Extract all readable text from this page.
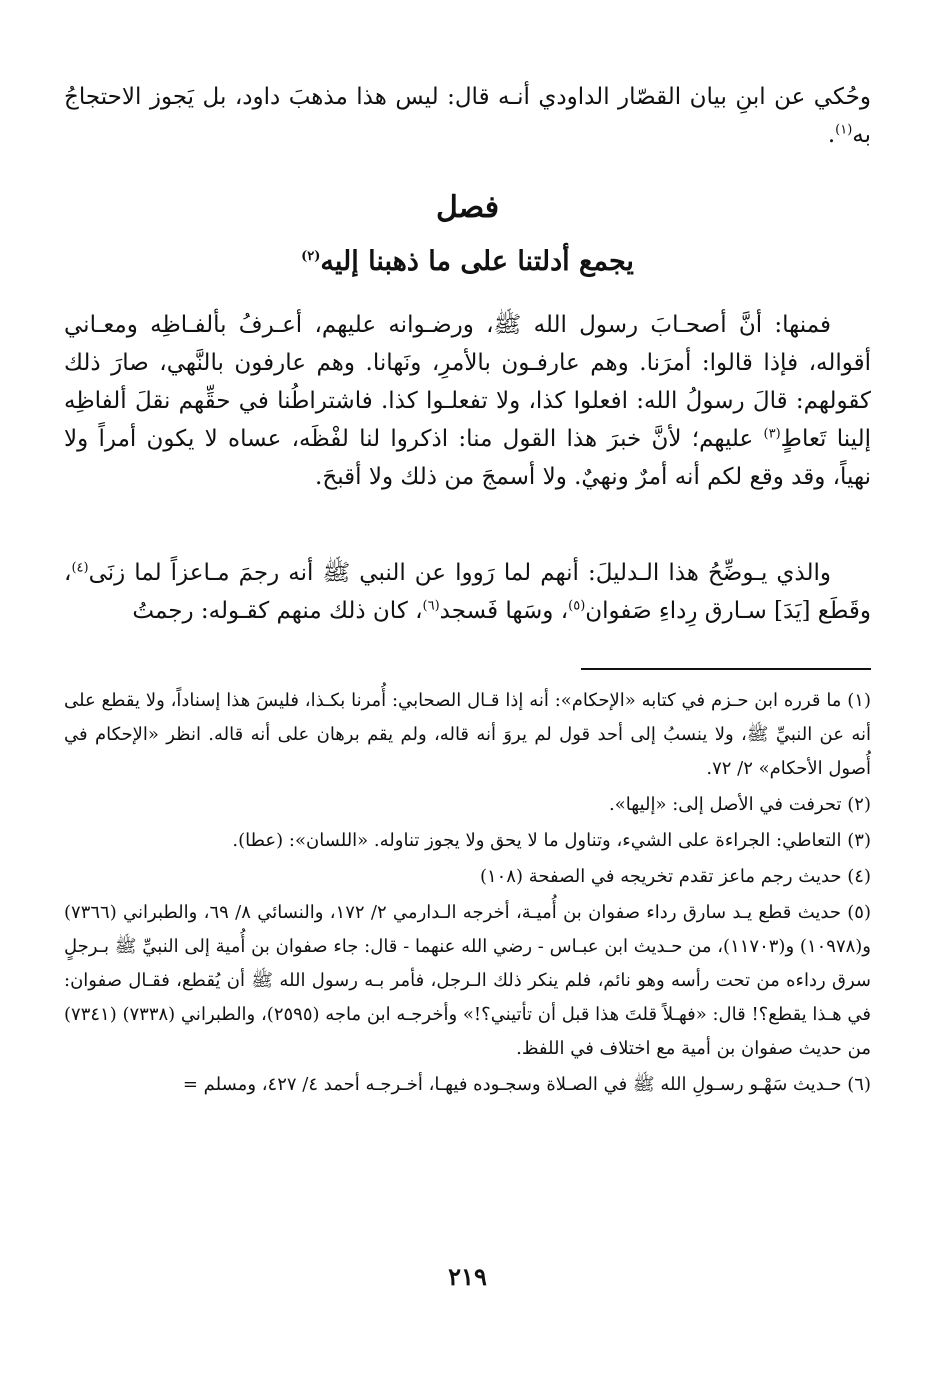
وحُكي عن ابنِ بيان القصّار الداودي أنـه قال: ليس هذا مذهبَ داود، بل يَجوز الاحتجاجُ به$^{(١)}$.

فصل
يجمع أدلتنا على ما ذهبنا إليه$^{(٢)}$

فمنها: أنَّ أصحـابَ رسول الله ﷺ، ورضـوانه عليهم، أعـرفُ بألفـاظِه ومعـاني أقواله، فإذا قالوا: أمرَنا. وهم عارفـون بالأمرِ، ونَهانا. وهم عارفون بالنَّهي، صارَ ذلك كقولهم: قالَ رسولُ الله: افعلوا كذا، ولا تفعلـوا كذا. فاشتراطُنا في حقِّهم نقلَ ألفاظِه إلينا تَعاطٍ$^{(٣)}$ عليهم؛ لأنَّ خبرَ هذا القول منا: اذكروا لنا لفْظَه، عساه لا يكون أمراً ولا نهياً، وقد وقع لكم أنه أمرٌ ونهيٌ. ولا أسمجَ من ذلك ولا أقبحَ.

والذي يـوضِّحُ هذا الـدليلَ: أنهم لما رَووا عن النبي ﷺ أنه رجمَ مـاعزاً لما زنَى$^{(٤)}$، وقَطَع [يَدَ] سـارق رِداءِ صَفوان$^{(٥)}$، وسَها فَسجد$^{(٦)}$، كان ذلك منهم كقـوله: رجمتُ

(١) ما قرره ابن حـزم في كتابه «الإحكام»: أنه إذا قـال الصحابي: أُمرنا بكـذا، فليسَ هذا إسناداً، ولا يقطع على أنه عن النبيِّ ﷺ، ولا ينسبُ إلى أحد قول لم يروَ أنه قاله، ولم يقم برهان على أنه قاله. انظر «الإحكام في أُصول الأحكام» ٢/ ٧٢.

(٢) تحرفت في الأصل إلى: «إليها».

(٣) التعاطي: الجراءة على الشيء، وتناول ما لا يحق ولا يجوز تناوله. «اللسان»: (عطا).

(٤) حديث رجم ماعز تقدم تخريجه في الصفحة (١٠٨)

(٥) حديث قطع يـد سارق رداء صفوان بن أُميـة، أخرجه الـدارمي ٢/ ١٧٢، والنسائي ٨/ ٦٩، والطبراني (٧٣٦٦) و(١٠٩٧٨) و(١١٧٠٣)، من حـديث ابن عبـاس - رضي الله عنهما - قال: جاء صفوان بن أُمية إلى النبيِّ ﷺ بـرجلٍ سرق رداءه من تحت رأسه وهو نائم، فلم ينكر ذلك الـرجل، فأمر بـه رسول الله ﷺ أن يُقطع، فقـال صفوان: في هـذا يقطع؟! قال: «فهـلاً قلتَ هذا قبل أن تأتيني؟!» وأخرجـه ابن ماجه (٢٥٩٥)، والطبراني (٧٣٣٨) (٧٣٤١) من حديث صفوان بن أمية مع اختلاف في اللفظ.

(٦) حـديث سَهْـو رسـولِ الله ﷺ في الصـلاة وسجـوده فيهـا، أخـرجـه أحمد ٤/ ٤٢٧، ومسلم =

٢١٩
